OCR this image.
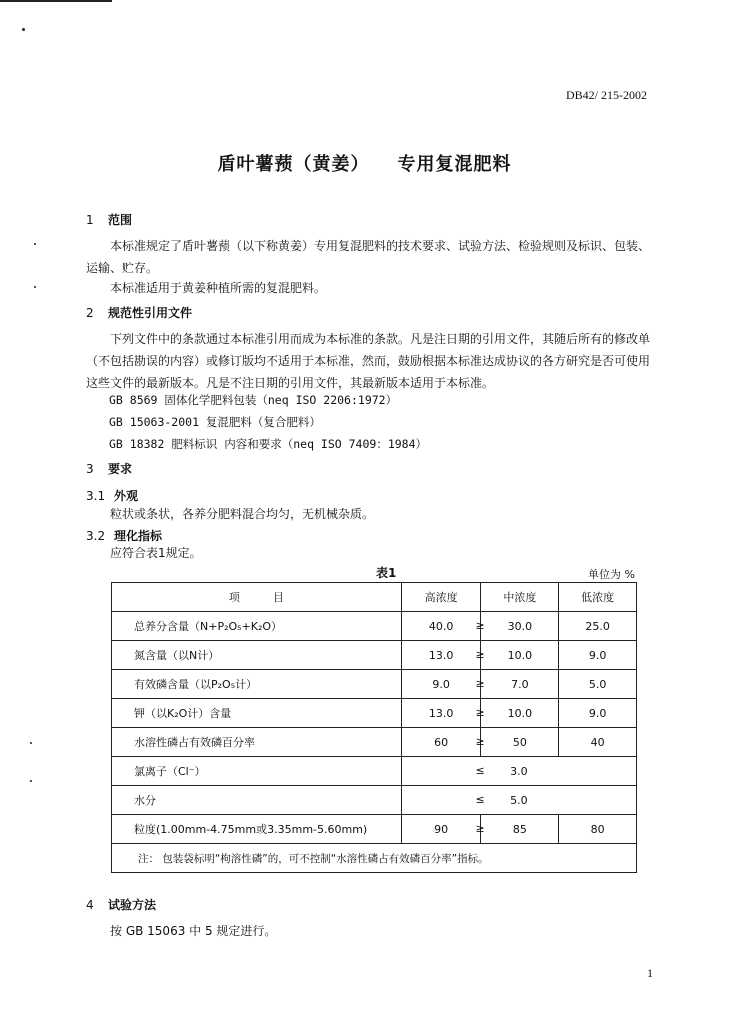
DB42/ 215-2002
盾叶薯蓣（黄姜） 专用复混肥料
1 范围
本标准规定了盾叶薯蓣（以下称黄姜）专用复混肥料的技术要求、试验方法、检验规则及标识、包装、运输、贮存。
本标准适用于黄姜种植所需的复混肥料。
2 规范性引用文件
下列文件中的条款通过本标准引用而成为本标准的条款。凡是注日期的引用文件，其随后所有的修改单（不包括勘误的内容）或修订版均不适用于本标准，然而，鼓励根据本标准达成协议的各方研究是否可使用这些文件的最新版本。凡是不注日期的引用文件，其最新版本适用于本标准。
GB 8569 固体化学肥料包装（neq ISO 2206:1972）
GB 15063-2001 复混肥料（复合肥料）
GB 18382 肥料标识 内容和要求（neq ISO 7409：1984）
3 要求
3.1 外观
粒状或条状，各养分肥料混合均匀，无机械杂质。
3.2 理化指标
应符合表1规定。
表1	单位为 %
项　　　目	高浓度	中浓度	低浓度
总养分含量（N+P₂O₅+K₂O）	≥	40.0	30.0	25.0
氮含量（以N计）	≥	13.0	10.0	9.0
有效磷含量（以P₂O₅计）	≥	9.0	7.0	5.0
钾（以K₂O计）含量	≥	13.0	10.0	9.0
水溶性磷占有效磷百分率	≥	60	50	40
氯离子（Cl⁻）	≤	3.0		
水分	≤	5.0		
粒度(1.00mm-4.75mm或3.35mm-5.60mm)	≥	90	85	80
注： 包装袋标明“枸溶性磷”的，可不控制“水溶性磷占有效磷百分率”指标。			
4 试验方法
按 GB 15063 中 5 规定进行。
1
